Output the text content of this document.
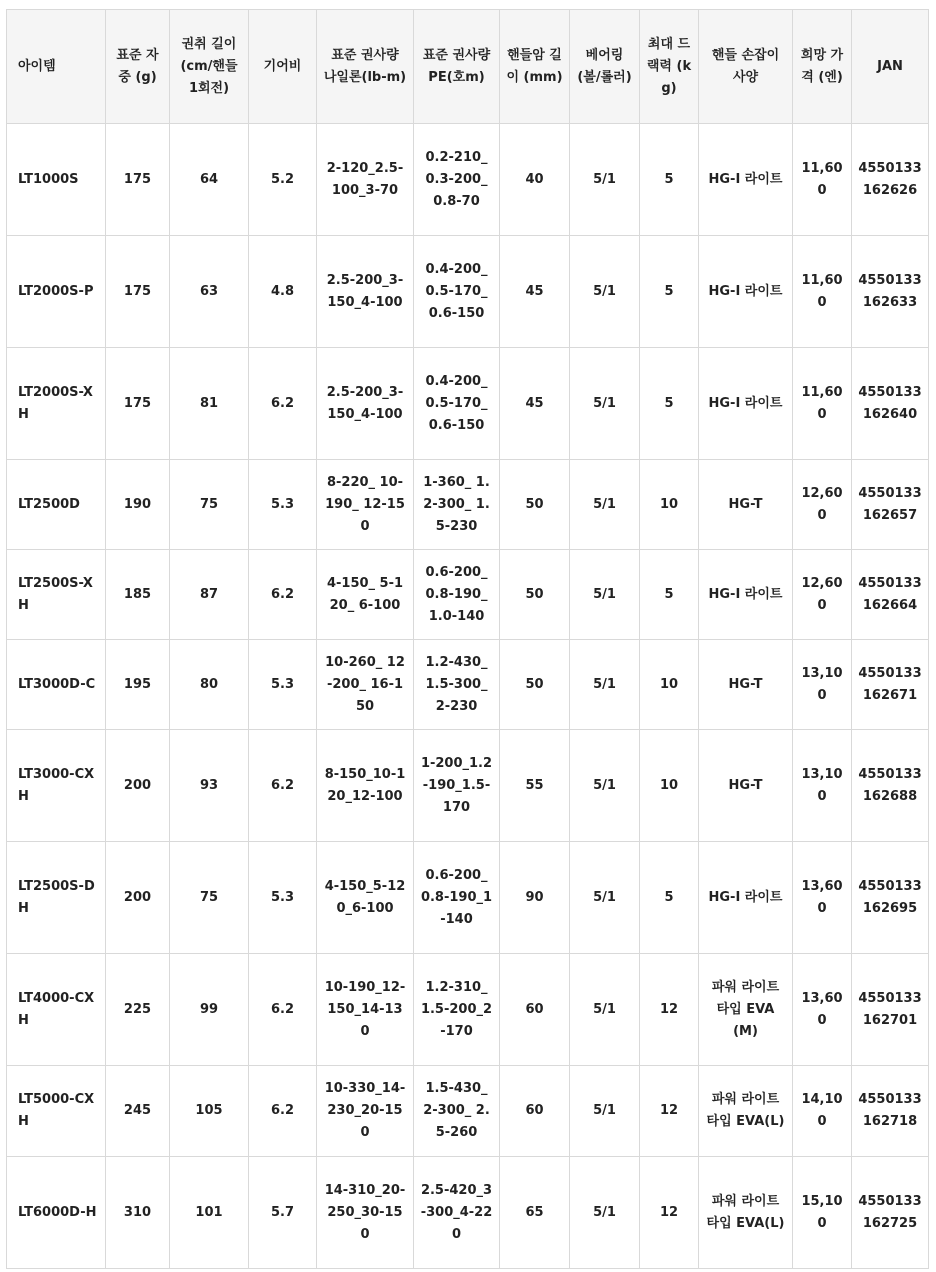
아이템	표준 자중 (g)	권취 길이(cm/핸들 1회전)	기어비	표준 권사량 나일론(lb-m)	표준 권사량 PE(호m)	핸들암 길이 (mm)	베어링 (볼/롤러)	최대 드랙력 (kg)	핸들 손잡이 사양	희망 가격 (엔)	JAN
LT1000S	175	64	5.2	2-120_2.5-100_3-70	0.2-210_0.3-200_0.8-70	40	5/1	5	HG-I 라이트	11,600	4550133162626
LT2000S-P	175	63	4.8	2.5-200_3-150_4-100	0.4-200_0.5-170_0.6-150	45	5/1	5	HG-I 라이트	11,600	4550133162633
LT2000S-XH	175	81	6.2	2.5-200_3-150_4-100	0.4-200_0.5-170_0.6-150	45	5/1	5	HG-I 라이트	11,600	4550133162640
LT2500D	190	75	5.3	8-220_ 10-190_ 12-150	1-360_ 1.2-300_ 1.5-230	50	5/1	10	HG-T	12,600	4550133162657
LT2500S-XH	185	87	6.2	4-150_ 5-120_ 6-100	0.6-200_ 0.8-190_ 1.0-140	50	5/1	5	HG-I 라이트	12,600	4550133162664
LT3000D-C	195	80	5.3	10-260_ 12-200_ 16-150	1.2-430_ 1.5-300_ 2-230	50	5/1	10	HG-T	13,100	4550133162671
LT3000-CXH	200	93	6.2	8-150_10-120_12-100	1-200_1.2-190_1.5-170	55	5/1	10	HG-T	13,100	4550133162688
LT2500S-DH	200	75	5.3	4-150_5-120_6-100	0.6-200_0.8-190_1-140	90	5/1	5	HG-I 라이트	13,600	4550133162695
LT4000-CXH	225	99	6.2	10-190_12-150_14-130	1.2-310_1.5-200_2-170	60	5/1	12	파워 라이트 타입 EVA(M)	13,600	4550133162701
LT5000-CXH	245	105	6.2	10-330_14-230_20-150	1.5-430_ 2-300_ 2.5-260	60	5/1	12	파워 라이트 타입 EVA(L)	14,100	4550133162718
LT6000D-H	310	101	5.7	14-310_20-250_30-150	2.5-420_3-300_4-220	65	5/1	12	파워 라이트 타입 EVA(L)	15,100	4550133162725
